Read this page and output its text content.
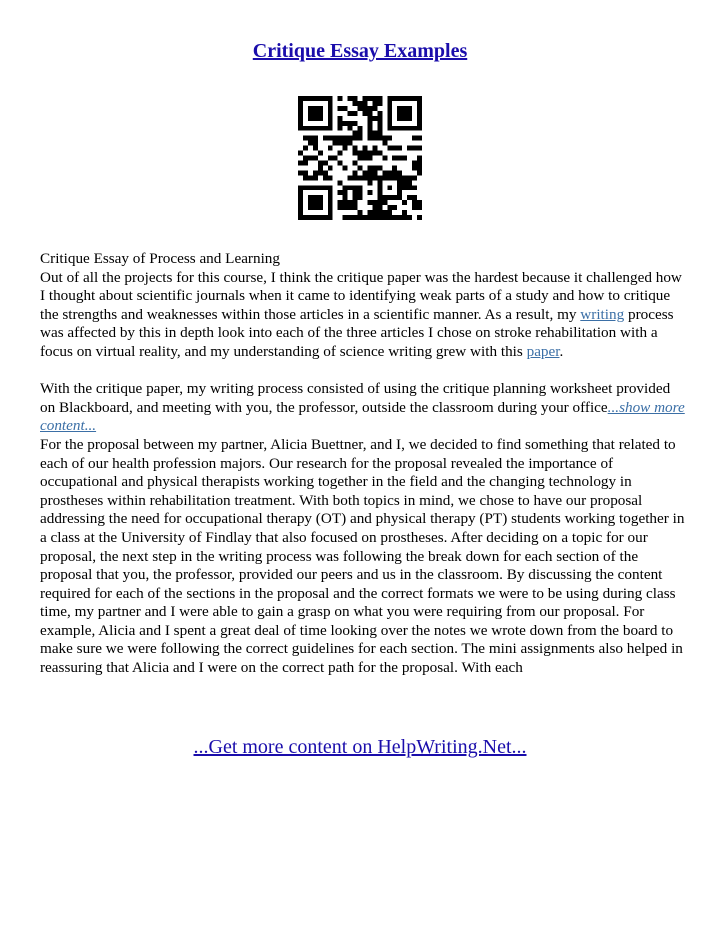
Critique Essay Examples

Critique Essay of Process and Learning

Out of all the projects for this course, I think the critique paper was the hardest because it challenged how I thought about scientific journals when it came to identifying weak parts of a study and how to critique the strengths and weaknesses within those articles in a scientific manner. As a result, my writing process was affected by this in depth look into each of the three articles I chose on stroke rehabilitation with a focus on virtual reality, and my understanding of science writing grew with this paper.

With the critique paper, my writing process consisted of using the critique planning worksheet provided on Blackboard, and meeting with you, the professor, outside the classroom during your office...show more content...

For the proposal between my partner, Alicia Buettner, and I, we decided to find something that related to each of our health profession majors. Our research for the proposal revealed the importance of occupational and physical therapists working together in the field and the changing technology in prostheses within rehabilitation treatment. With both topics in mind, we chose to have our proposal addressing the need for occupational therapy (OT) and physical therapy (PT) students working together in a class at the University of Findlay that also focused on prostheses. After deciding on a topic for our proposal, the next step in the writing process was following the break down for each section of the proposal that you, the professor, provided our peers and us in the classroom. By discussing the content required for each of the sections in the proposal and the correct formats we were to be using during class time, my partner and I were able to gain a grasp on what you were requiring from our proposal. For example, Alicia and I spent a great deal of time looking over the notes we wrote down from the board to make sure we were following the correct guidelines for each section. The mini assignments also helped in reassuring that Alicia and I were on the correct path for the proposal. With each

...Get more content on HelpWriting.Net...
